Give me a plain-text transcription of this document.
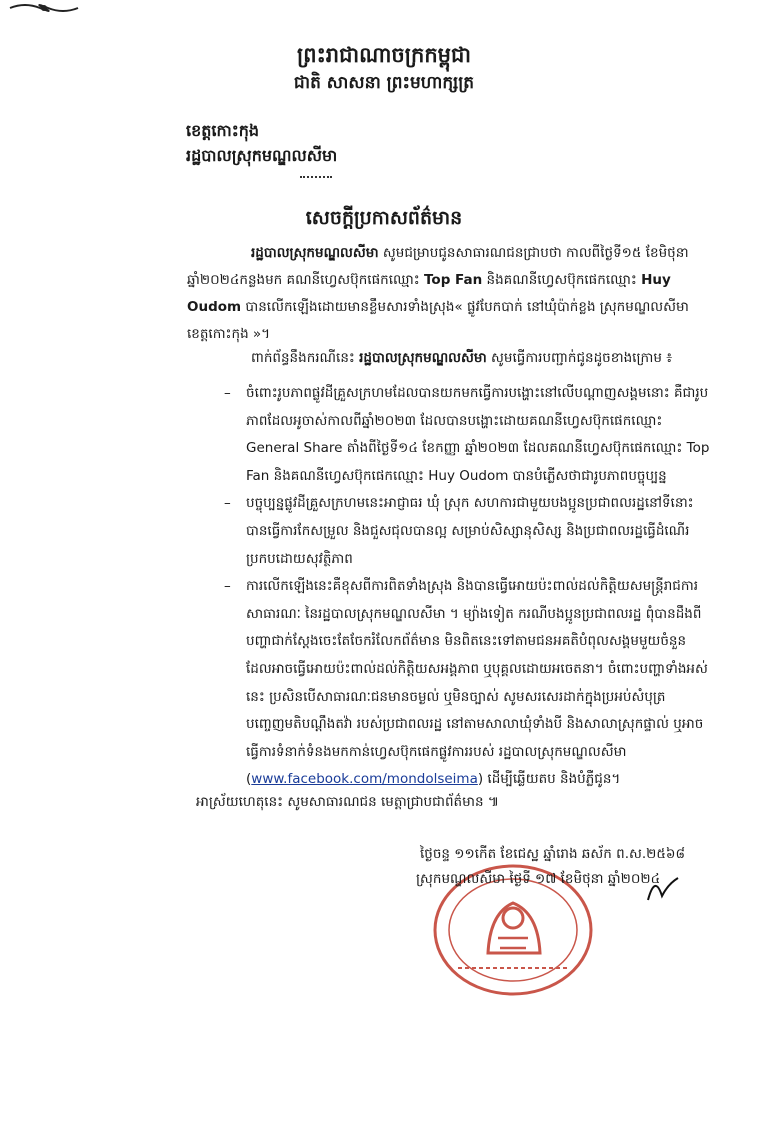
ព្រះរាជាណាចក្រកម្ពុជា
ជាតិ សាសនា ព្រះមហាក្សត្រ
ខេត្តកោះកុង
រដ្ឋបាលស្រុកមណ្ឌលសីមា
សេចក្តីប្រកាសព័ត៌មាន
រដ្ឋបាលស្រុកមណ្ឌលសីមា សូមជម្រាបជូនសាធារណជនជ្រាបថា កាលពីថ្ងៃទី១៥ ខែមិថុនា ឆ្នាំ២០២៤កន្លងមក គណនីហ្វេសប៊ុកផេកឈ្មោះ Top Fan និងគណនីហ្វេសប៊ុកផេកឈ្មោះ Huy Oudom បានលើកឡើងដោយមានខ្លឹមសារទាំងស្រុង« ផ្លូវបែកបាក់ នៅឃុំប៉ាក់ខ្លង ស្រុកមណ្ឌលសីមា ខេត្តកោះកុង »។
ពាក់ព័ន្ធនឹងករណីនេះ រដ្ឋបាលស្រុកមណ្ឌលសីមា សូមធ្វើការបញ្ជាក់ជូនដូចខាងក្រោម ៖

– ចំពោះរូបភាពផ្លូវដីគ្រួសក្រហមដែលបានយកមកធ្វើការបង្ហោះនៅលើបណ្តាញសង្គមនោះ គឺជារូបភាពដែលអូចាស់កាលពីឆ្នាំ២០២៣ ដែលបានបង្ហោះដោយគណនីហ្វេសប៊ុកផេកឈ្មោះ General Share តាំងពីថ្ងៃទី១៤ ខែកញ្ញា ឆ្នាំ២០២៣ ដែលគណនីហ្វេសប៊ុកផេកឈ្មោះ Top Fan និងគណនីហ្វេសប៊ុកផេកឈ្មោះ Huy Oudom បានបំភ្លើសថាជារូបភាពបច្ចុប្បន្ន

– បច្ចុប្បន្នផ្លូវដីគ្រួសក្រហមនេះអាជ្ញាធរ ឃុំ ស្រុក សហការជាមួយបងប្អូនប្រជាពលរដ្ឋនៅទីនោះ បានធ្វើការកែសម្រួល និងជួសជុលបានល្អ សម្រាប់សិស្សានុសិស្ស និងប្រជាពលរដ្ឋធ្វើដំណើរប្រកបដោយសុវត្ថិភាព

– ការលើកឡើងនេះគឺខុសពីការពិតទាំងស្រុង និងបានធ្វើអោយប៉ះពាល់ដល់កិត្តិយសមន្ត្រីរាជការ សាធារណៈ នៃរដ្ឋបាលស្រុកមណ្ឌលសីមា ។ ម្យ៉ាងទៀត ករណីបងប្អូនប្រជាពលរដ្ឋ ពុំបានដឹងពីបញ្ហាជាក់ស្តែងចេះតែចែករំលែកព័ត៌មាន មិនពិតនេះទៅតាមជនអគតិបំពុលសង្គមមួយចំនួន ដែលអាចធ្វើអោយប៉ះពាល់ដល់កិត្តិយសអង្គភាព ឬបុគ្គលដោយអចេតនា។ ចំពោះបញ្ហាទាំងអស់នេះ ប្រសិនបើសាធារណៈជនមានចម្ងល់ ឬមិនច្បាស់ សូមសរសេរដាក់ក្នុងប្រអប់សំបុត្របញ្ចេញមតិបណ្តឹងតវ៉ា របស់ប្រជាពលរដ្ឋ នៅតាមសាលាឃុំទាំងបី និងសាលាស្រុកផ្ទាល់ ឬអាចធ្វើការទំនាក់ទំនងមកកាន់ហ្វេសប៊ុកផេកផ្លូវការរបស់ រដ្ឋបាលស្រុកមណ្ឌលសីមា (www.facebook.com/mondolseima) ដើម្បីឆ្លើយតប និងបំភ្លឺជូន។

អាស្រ័យហេតុនេះ សូមសាធារណជន មេត្តាជ្រាបជាព័ត៌មាន ៕
ថ្ងៃចន្ទ ១១កើត ខែជេស្ឋ ឆ្នាំរោង ឆស័ក ព.ស.២៥៦៨
ស្រុកមណ្ឌលសីមា ថ្ងៃទី ១៧ ខែមិថុនា ឆ្នាំ២០២៤
